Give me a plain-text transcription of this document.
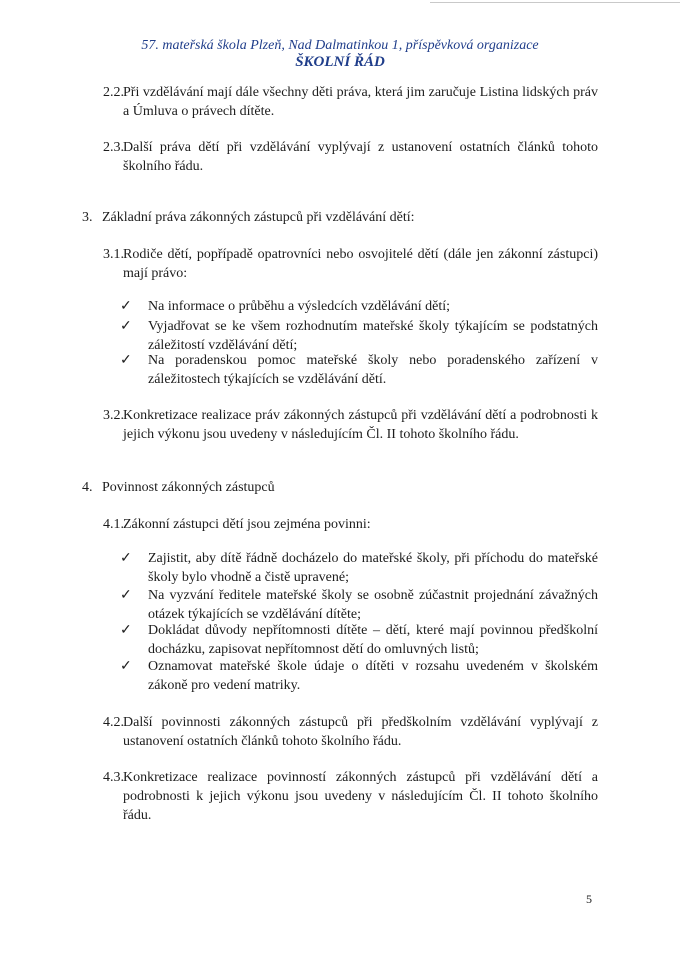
57. mateřská škola Plzeň, Nad Dalmatinkou 1, příspěvková organizace
ŠKOLNÍ ŘÁD
2.2. Při vzdělávání mají dále všechny děti práva, která jim zaručuje Listina lidských práv a Úmluva o právech dítěte.
2.3. Další práva dětí při vzdělávání vyplývají z ustanovení ostatních článků tohoto školního řádu.
3. Základní práva zákonných zástupců při vzdělávání dětí:
3.1. Rodiče dětí, popřípadě opatrovníci nebo osvojitelé dětí (dále jen zákonní zástupci) mají právo:
✓ Na informace o průběhu a výsledcích vzdělávání dětí;
✓ Vyjadřovat se ke všem rozhodnutím mateřské školy týkajícím se podstatných záležitostí vzdělávání dětí;
✓ Na poradenskou pomoc mateřské školy nebo poradenského zařízení v záležitostech týkajících se vzdělávání dětí.
3.2. Konkretizace realizace práv zákonných zástupců při vzdělávání dětí a podrobnosti k jejich výkonu jsou uvedeny v následujícím Čl. II tohoto školního řádu.
4. Povinnost zákonných zástupců
4.1. Zákonní zástupci dětí jsou zejména povinni:
✓ Zajistit, aby dítě řádně docházelo do mateřské školy, při příchodu do mateřské školy bylo vhodně a čistě upravené;
✓ Na vyzvání ředitele mateřské školy se osobně zúčastnit projednání závažných otázek týkajících se vzdělávání dítěte;
✓ Dokládat důvody nepřítomnosti dítěte – dětí, které mají povinnou předškolní docházku, zapisovat nepřítomnost dětí do omluvných listů;
✓ Oznamovat mateřské škole údaje o dítěti v rozsahu uvedeném v školském zákoně pro vedení matriky.
4.2. Další povinnosti zákonných zástupců při předškolním vzdělávání vyplývají z ustanovení ostatních článků tohoto školního řádu.
4.3. Konkretizace realizace povinností zákonných zástupců při vzdělávání dětí a podrobnosti k jejich výkonu jsou uvedeny v následujícím Čl. II tohoto školního řádu.
5
